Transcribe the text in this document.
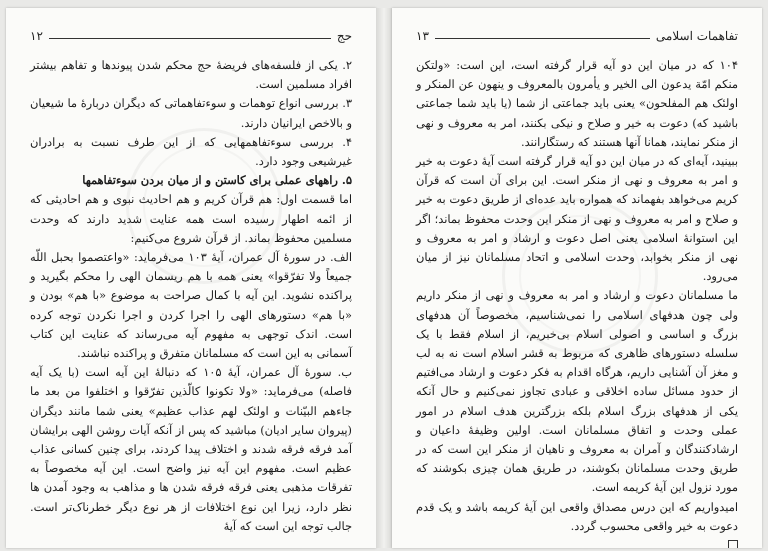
حج
۱۲

۲. یکی از فلسفه‌های فریضهٔ حج محکم شدن پیوندها و تفاهم بیشتر افراد مسلمین است.

۳. بررسی انواع توهمات و سوءتفاهماتی که دیگران دربارهٔ ما شیعیان و بالاخص ایرانیان دارند.

۴. بررسی سوءتفاهمهایی که از این طرف نسبت به برادران غیرشیعی وجود دارد.

۵. راههای عملی برای کاستن و از میان بردن سوءتفاهمها

اما قسمت اول: هم قرآن کریم و هم احادیث نبوی و هم احادیثی که از ائمه اطهار رسیده است همه عنایت شدید دارند که وحدت مسلمین محفوظ بماند. از قرآن شروع می‌کنیم:

الف. در سورهٔ آل عمران، آیهٔ ۱۰۳ می‌فرماید: «واعتصموا بحبل اللّه جمیعاً ولا تفرّقوا» یعنی همه با هم ریسمان الهی را محکم بگیرید و پراکنده نشوید. این آیه با کمال صراحت به موضوع «با هم» بودن و «با هم» دستورهای الهی را اجرا کردن و اجرا نکردن توجه کرده است. اندک توجهی به مفهوم آیه می‌رساند که عنایت این کتاب آسمانی به این است که مسلمانان متفرق و پراکنده نباشند.

ب. سورهٔ آل عمران، آیهٔ ۱۰۵ که دنبالهٔ این آیه است (با یک آیه فاصله) می‌فرماید: «ولا تکونوا کالّذین تفرّقوا و اختلفوا من بعد ما جاءهم البیّنات و اولئک لهم عذاب عظیم» یعنی شما مانند دیگران (پیروان سایر ادیان) مباشید که پس از آنکه آیات روشن الهی برایشان آمد فرقه فرقه شدند و اختلاف پیدا کردند، برای چنین کسانی عذاب عظیم است. مفهوم این آیه نیز واضح است. این آیه مخصوصاً به تفرقات مذهبی یعنی فرقه فرقه شدن ها و مذاهب به وجود آمدن ها نظر دارد، زیرا این نوع اختلافات از هر نوع دیگر خطرناک‌تر است. جالب توجه این است که آیهٔ

تفاهمات اسلامی
۱۳

۱۰۴ که در میان این دو آیه قرار گرفته است، این است: «ولتکن منکم امّة یدعون الی الخیر و یأمرون بالمعروف و ینهون عن المنکر و اولئک هم المفلحون» یعنی باید جماعتی از شما (یا باید شما جماعتی باشید که) دعوت به خیر و صلاح و نیکی بکنند، امر به معروف و نهی از منکر نمایند، همانا آنها هستند که رستگارانند.

ببینید، آیه‌ای که در میان این دو آیه قرار گرفته است آیهٔ دعوت به خیر و امر به معروف و نهی از منکر است. این برای آن است که قرآن کریم می‌خواهد بفهماند که همواره باید عده‌ای از طریق دعوت به خیر و صلاح و امر به معروف و نهی از منکر این وحدت محفوظ بماند؛ اگر این استوانهٔ اسلامی یعنی اصل دعوت و ارشاد و امر به معروف و نهی از منکر بخوابد، وحدت اسلامی و اتحاد مسلمانان نیز از میان می‌رود.

ما مسلمانان دعوت و ارشاد و امر به معروف و نهی از منکر داریم ولی چون هدفهای اسلامی را نمی‌شناسیم، مخصوصاً آن هدفهای بزرگ و اساسی و اصولی اسلام بی‌خبریم، از اسلام فقط با یک سلسله دستورهای ظاهری که مربوط به قشر اسلام است نه به لب و مغز آن آشنایی داریم، هرگاه اقدام به فکر دعوت و ارشاد می‌افتیم از حدود مسائل ساده اخلاقی و عبادی تجاوز نمی‌کنیم و حال آنکه یکی از هدفهای بزرگ اسلام بلکه بزرگترین هدف اسلام در امور عملی وحدت و اتفاق مسلمانان است. اولین وظیفهٔ داعیان و ارشادکنندگان و آمران به معروف و ناهیان از منکر این است که در طریق وحدت مسلمانان بکوشند، در طریق همان چیزی بکوشند که مورد نزول این آیهٔ کریمه است.

امیدواریم که این درس مصداق واقعی این آیهٔ کریمه باشد و یک قدم دعوت به خیر واقعی محسوب گردد.
